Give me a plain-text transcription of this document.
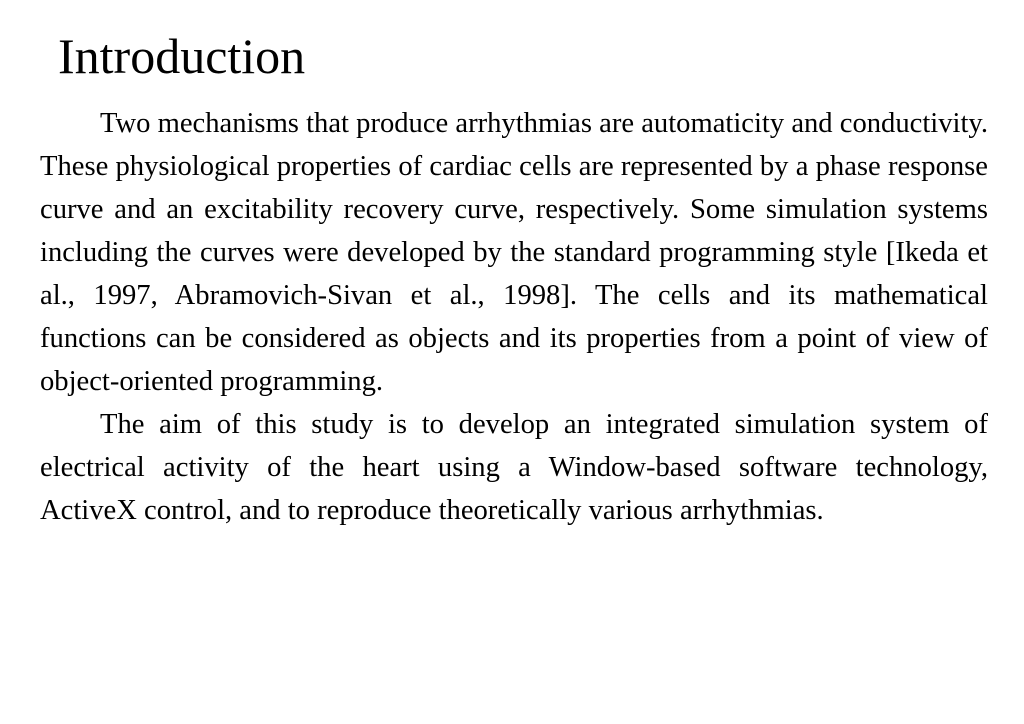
Introduction

Two mechanisms that produce arrhythmias are automaticity and conductivity. These physiological properties of cardiac cells are represented by a phase response curve and an excitability recovery curve, respectively. Some simulation systems including the curves were developed by the standard programming style [Ikeda et al., 1997, Abramovich-Sivan et al., 1998]. The cells and its mathematical functions can be considered as objects and its properties from a point of view of object-oriented programming.

The aim of this study is to develop an integrated simulation system of electrical activity of the heart using a Window-based software technology, ActiveX control, and to reproduce theoretically various arrhythmias.
